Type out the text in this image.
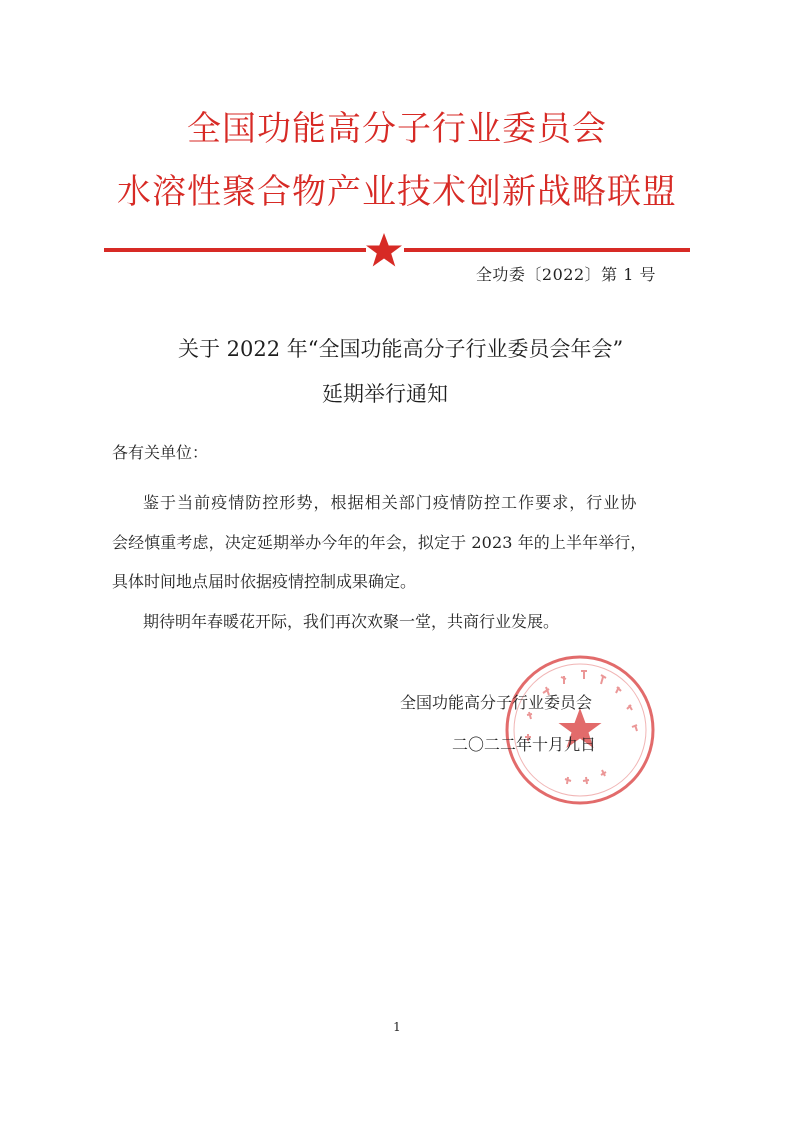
全国功能高分子行业委员会
水溶性聚合物产业技术创新战略联盟
全功委〔2022〕第 1 号
关于 2022 年“全国功能高分子行业委员会年会”
延期举行通知
各有关单位：
鉴于当前疫情防控形势，根据相关部门疫情防控工作要求，行业协
会经慎重考虑，决定延期举办今年的年会，拟定于 2023 年的上半年举行，
具体时间地点届时依据疫情控制成果确定。
期待明年春暖花开际，我们再次欢聚一堂，共商行业发展。
全国功能高分子行业委员会
二〇二二年十月九日
1
